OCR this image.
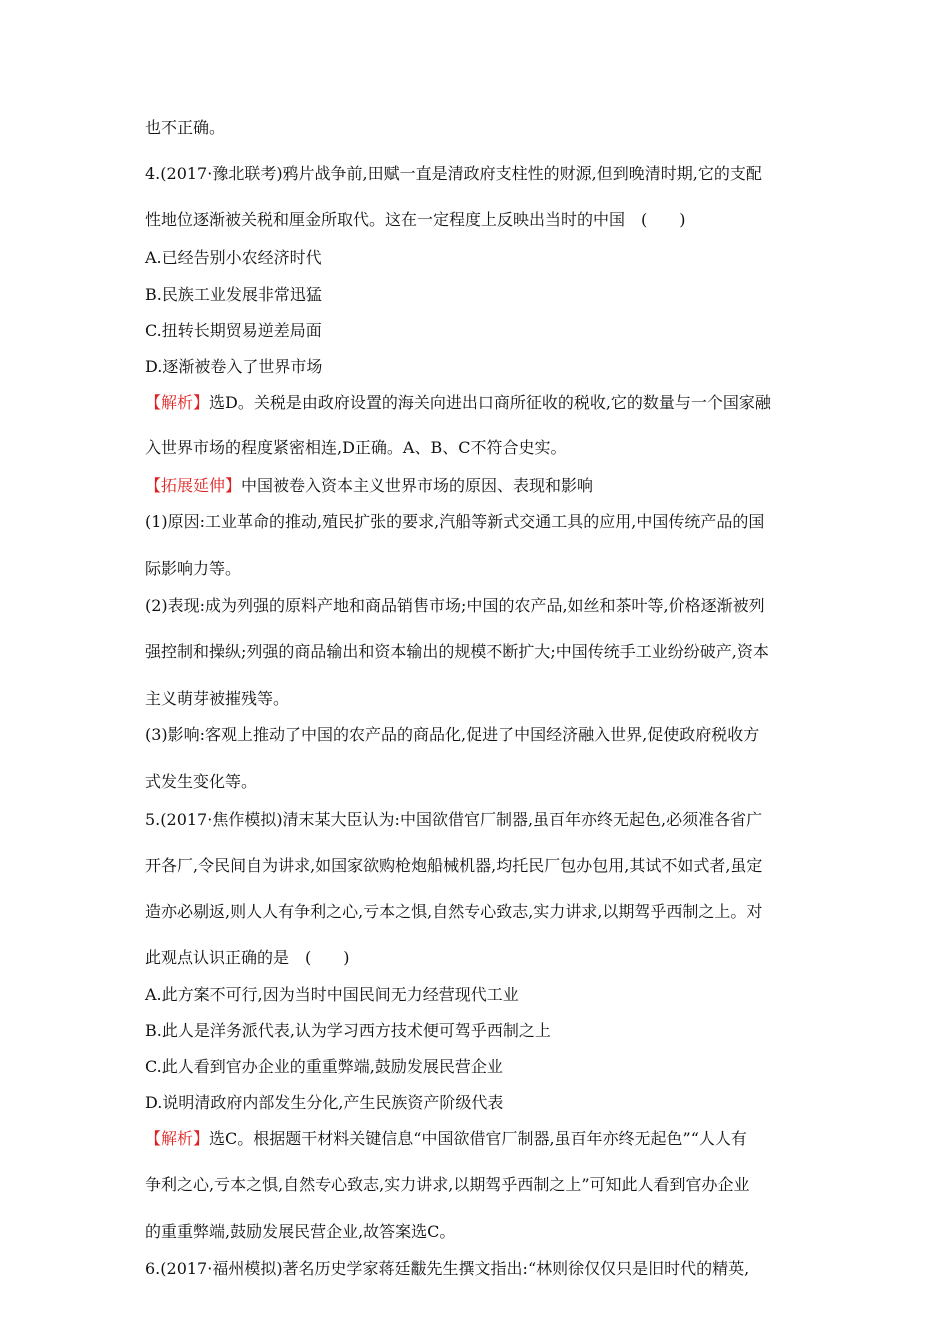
也不正确。

4.(2017·豫北联考)鸦片战争前,田赋一直是清政府支柱性的财源,但到晚清时期,它的支配

性地位逐渐被关税和厘金所取代。这在一定程度上反映出当时的中国　(　　)

A.已经告别小农经济时代

B.民族工业发展非常迅猛

C.扭转长期贸易逆差局面

D.逐渐被卷入了世界市场

【解析】选D。关税是由政府设置的海关向进出口商所征收的税收,它的数量与一个国家融

入世界市场的程度紧密相连,D正确。A、B、C不符合史实。

【拓展延伸】中国被卷入资本主义世界市场的原因、表现和影响

(1)原因:工业革命的推动,殖民扩张的要求,汽船等新式交通工具的应用,中国传统产品的国

际影响力等。

(2)表现:成为列强的原料产地和商品销售市场;中国的农产品,如丝和茶叶等,价格逐渐被列

强控制和操纵;列强的商品输出和资本输出的规模不断扩大;中国传统手工业纷纷破产,资本

主义萌芽被摧残等。

(3)影响:客观上推动了中国的农产品的商品化,促进了中国经济融入世界,促使政府税收方

式发生变化等。

5.(2017·焦作模拟)清末某大臣认为:中国欲借官厂制器,虽百年亦终无起色,必须准各省广

开各厂,令民间自为讲求,如国家欲购枪炮船械机器,均托民厂包办包用,其试不如式者,虽定

造亦必剔返,则人人有争利之心,亏本之惧,自然专心致志,实力讲求,以期驾乎西制之上。对

此观点认识正确的是　(　　)

A.此方案不可行,因为当时中国民间无力经营现代工业

B.此人是洋务派代表,认为学习西方技术便可驾乎西制之上

C.此人看到官办企业的重重弊端,鼓励发展民营企业

D.说明清政府内部发生分化,产生民族资产阶级代表

【解析】选C。根据题干材料关键信息“中国欲借官厂制器,虽百年亦终无起色”“人人有

争利之心,亏本之惧,自然专心致志,实力讲求,以期驾乎西制之上”可知此人看到官办企业

的重重弊端,鼓励发展民营企业,故答案选C。

6.(2017·福州模拟)著名历史学家蒋廷黻先生撰文指出:“林则徐仅仅只是旧时代的精英,
